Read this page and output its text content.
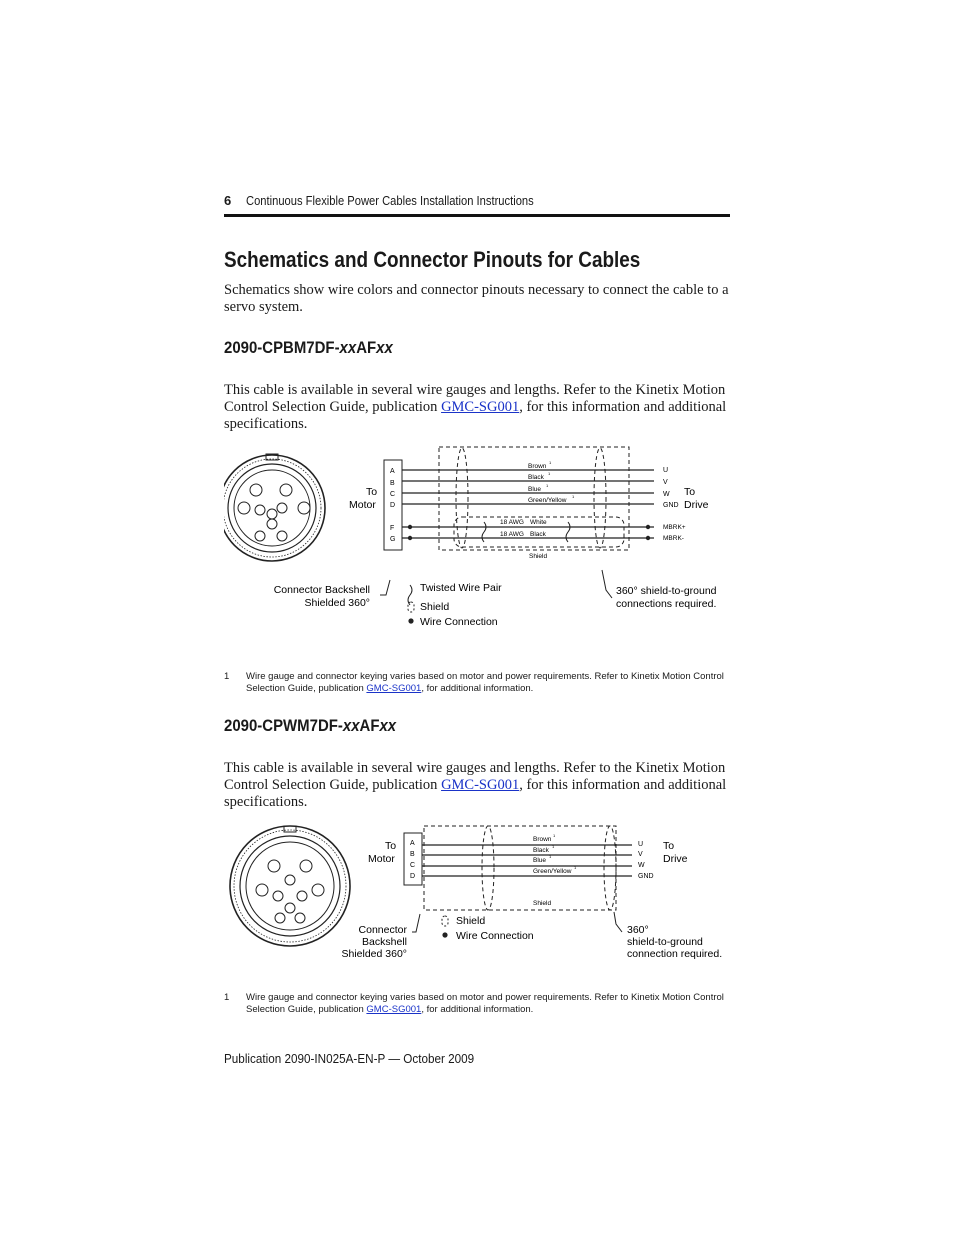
6 Continuous Flexible Power Cables Installation Instructions
Schematics and Connector Pinouts for Cables
Schematics show wire colors and connector pinouts necessary to connect the cable to a servo system.
2090-CPBM7DF-xxAFxx
This cable is available in several wire gauges and lengths. Refer to the Kinetix Motion Control Selection Guide, publication GMC-SG001, for this information and additional specifications.
A
B
C
D
F
G
Brown
1
Black
1
Blue
1
Green/Yellow
1
U
V
W
GND
18 AWG White
18 AWG Black
MBRK+
MBRK-
Shield
To
Motor
To
Drive
Connector Backshell
Shielded 360°
Twisted Wire Pair
Shield
Wire Connection
360° shield-to-ground
connections required.
1 Wire gauge and connector keying varies based on motor and power requirements. Refer to Kinetix Motion Control Selection Guide, publication GMC-SG001, for additional information.
2090-CPWM7DF-xxAFxx
This cable is available in several wire gauges and lengths. Refer to the Kinetix Motion Control Selection Guide, publication GMC-SG001, for this information and additional specifications.
A
B
C
D
Brown
1
Black
1
Blue
1
Green/Yellow
1
U
V
W
GND
Shield
To
Motor
To
Drive
Connector
Backshell
Shielded 360°
Shield
Wire Connection	360°
shield-to-ground
connection required.
1 Wire gauge and connector keying varies based on motor and power requirements. Refer to Kinetix Motion Control Selection Guide, publication GMC-SG001, for additional information.
Publication 2090-IN025A-EN-P — October 2009
